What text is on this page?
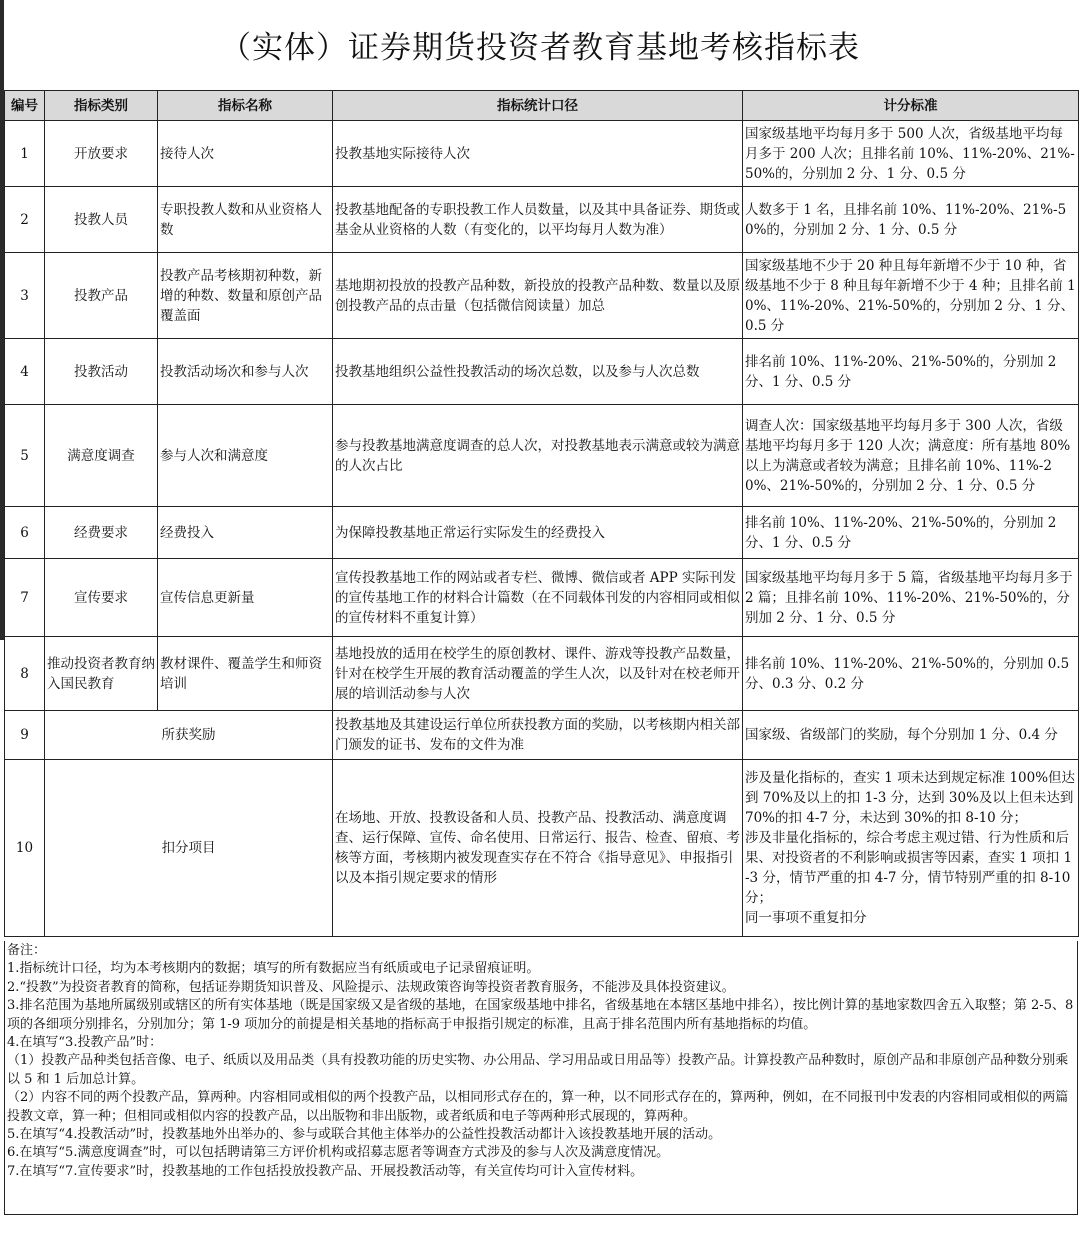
（实体）证券期货投资者教育基地考核指标表
编号	指标类别	指标名称	指标统计口径	计分标准
1	开放要求	接待人次	投教基地实际接待人次	国家级基地平均每月多于 500 人次，省级基地平均每月多于 200 人次；且排名前 10%、11%-20%、21%-50%的，分别加 2 分、1 分、0.5 分
2	投教人员	专职投教人数和从业资格人数	投教基地配备的专职投教工作人员数量，以及其中具备证券、期货或基金从业资格的人数（有变化的，以平均每月人数为准）	人数多于 1 名，且排名前 10%、11%-20%、21%-50%的，分别加 2 分、1 分、0.5 分
3	投教产品	投教产品考核期初种数，新增的种数、数量和原创产品覆盖面	基地期初投放的投教产品种数，新投放的投教产品种数、数量以及原创投教产品的点击量（包括微信阅读量）加总	国家级基地不少于 20 种且每年新增不少于 10 种，省级基地不少于 8 种且每年新增不少于 4 种；且排名前 10%、11%-20%、21%-50%的，分别加 2 分、1 分、0.5 分
4	投教活动	投教活动场次和参与人次	投教基地组织公益性投教活动的场次总数，以及参与人次总数	排名前 10%、11%-20%、21%-50%的，分别加 2 分、1 分、0.5 分
5	满意度调查	参与人次和满意度	参与投教基地满意度调查的总人次，对投教基地表示满意或较为满意的人次占比	调查人次：国家级基地平均每月多于 300 人次，省级基地平均每月多于 120 人次；满意度：所有基地 80%以上为满意或者较为满意；且排名前 10%、11%-20%、21%-50%的，分别加 2 分、1 分、0.5 分
6	经费要求	经费投入	为保障投教基地正常运行实际发生的经费投入	排名前 10%、11%-20%、21%-50%的，分别加 2 分、1 分、0.5 分
7	宣传要求	宣传信息更新量	宣传投教基地工作的网站或者专栏、微博、微信或者 APP 实际刊发的宣传基地工作的材料合计篇数（在不同载体刊发的内容相同或相似的宣传材料不重复计算）	国家级基地平均每月多于 5 篇，省级基地平均每月多于 2 篇；且排名前 10%、11%-20%、21%-50%的，分别加 2 分、1 分、0.5 分
8	推动投资者教育纳入国民教育	教材课件、覆盖学生和师资培训	基地投放的适用在校学生的原创教材、课件、游戏等投教产品数量，针对在校学生开展的教育活动覆盖的学生人次，以及针对在校老师开展的培训活动参与人次	排名前 10%、11%-20%、21%-50%的，分别加 0.5 分、0.3 分、0.2 分
9	所获奖励		投教基地及其建设运行单位所获投教方面的奖励，以考核期内相关部门颁发的证书、发布的文件为准	国家级、省级部门的奖励，每个分别加 1 分、0.4 分
10	扣分项目		在场地、开放、投教设备和人员、投教产品、投教活动、满意度调查、运行保障、宣传、命名使用、日常运行、报告、检查、留痕、考核等方面，考核期内被发现查实存在不符合《指导意见》、申报指引以及本指引规定要求的情形	涉及量化指标的，查实 1 项未达到规定标准 100%但达到 70%及以上的扣 1-3 分，达到 30%及以上但未达到 70%的扣 4-7 分，未达到 30%的扣 8-10 分；
涉及非量化指标的，综合考虑主观过错、行为性质和后果、对投资者的不利影响或损害等因素，查实 1 项扣 1-3 分，情节严重的扣 4-7 分，情节特别严重的扣 8-10 分；
同一事项不重复扣分
备注：
1.指标统计口径，均为本考核期内的数据；填写的所有数据应当有纸质或电子记录留痕证明。
2.“投教”为投资者教育的简称，包括证券期货知识普及、风险提示、法规政策咨询等投资者教育服务，不能涉及具体投资建议。
3.排名范围为基地所属级别或辖区的所有实体基地（既是国家级又是省级的基地，在国家级基地中排名，省级基地在本辖区基地中排名），按比例计算的基地家数四舍五入取整；第 2-5、8 项的各细项分别排名，分别加分；第 1-9 项加分的前提是相关基地的指标高于申报指引规定的标准，且高于排名范围内所有基地指标的均值。
4.在填写“3.投教产品”时：
（1）投教产品种类包括音像、电子、纸质以及用品类（具有投教功能的历史实物、办公用品、学习用品或日用品等）投教产品。计算投教产品种数时，原创产品和非原创产品种数分别乘以 5 和 1 后加总计算。
（2）内容不同的两个投教产品，算两种。内容相同或相似的两个投教产品，以相同形式存在的，算一种，以不同形式存在的，算两种，例如，在不同报刊中发表的内容相同或相似的两篇投教文章，算一种；但相同或相似内容的投教产品，以出版物和非出版物，或者纸质和电子等两种形式展现的，算两种。
5.在填写“4.投教活动”时，投教基地外出举办的、参与或联合其他主体举办的公益性投教活动都计入该投教基地开展的活动。
6.在填写“5.满意度调查”时，可以包括聘请第三方评价机构或招募志愿者等调查方式涉及的参与人次及满意度情况。
7.在填写“7.宣传要求”时，投教基地的工作包括投放投教产品、开展投教活动等，有关宣传均可计入宣传材料。
